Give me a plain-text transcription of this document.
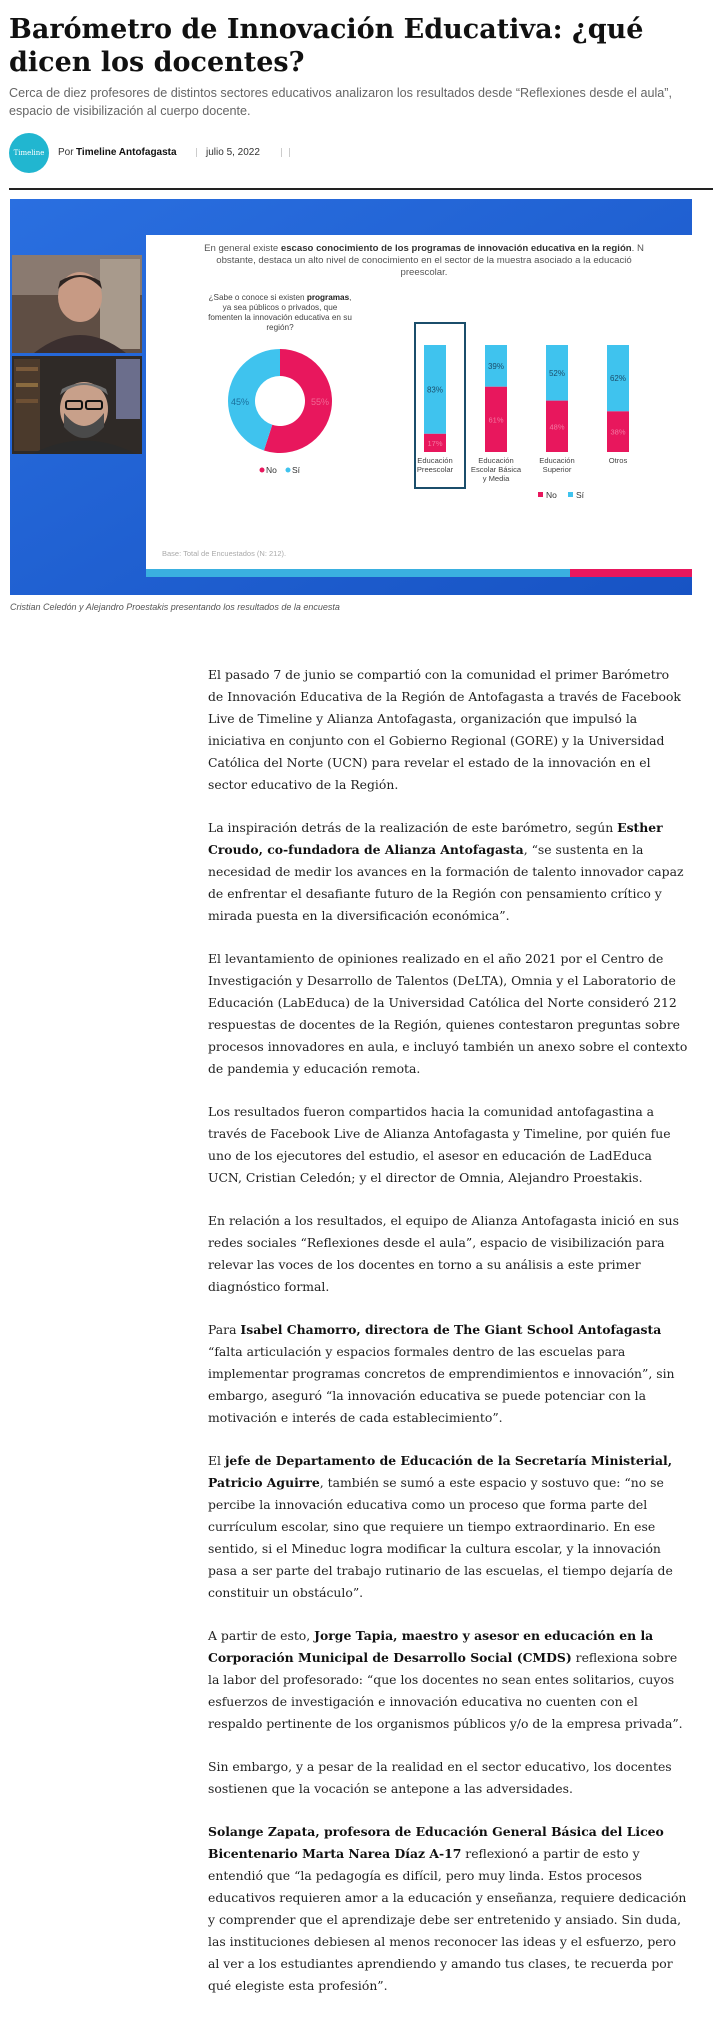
Barómetro de Innovación Educativa: ¿qué dicen los docentes?

Cerca de diez profesores de distintos sectores educativos analizaron los resultados desde “Reflexiones desde el aula”, espacio de visibilización al cuerpo docente.

Timeline	Por Timeline Antofagasta	julio 5, 2022
En general existe escaso conocimiento de los programas de innovación educativa en la región. N
obstante, destaca un alto nivel de conocimiento en el sector de la muestra asociado a la educació
preescolar.
¿Sabe o conoce si existen programas,
ya sea públicos o privados, que
fomenten la innovación educativa en su
región?
Base: Total de Encuestados (N: 212).
45%	55%
No Sí
83%
17%
39%
61%
52%
48%
62%
38%
Educación Preescolar
Educación Escolar Básica y Media
Educación Superior
Otros
No Sí

Cristian Celedón y Alejandro Proestakis presentando los resultados de la encuesta

El pasado 7 de junio se compartió con la comunidad el primer Barómetro de Innovación Educativa de la Región de Antofagasta a través de Facebook Live de Timeline y Alianza Antofagasta, organización que impulsó la iniciativa en conjunto con el Gobierno Regional (GORE) y la Universidad Católica del Norte (UCN) para revelar el estado de la innovación en el sector educativo de la Región.

La inspiración detrás de la realización de este barómetro, según Esther Croudo, co-fundadora de Alianza Antofagasta, “se sustenta en la necesidad de medir los avances en la formación de talento innovador capaz de enfrentar el desafiante futuro de la Región con pensamiento crítico y mirada puesta en la diversificación económica”.

El levantamiento de opiniones realizado en el año 2021 por el Centro de Investigación y Desarrollo de Talentos (DeLTA), Omnia y el Laboratorio de Educación (LabEduca) de la Universidad Católica del Norte consideró 212 respuestas de docentes de la Región, quienes contestaron preguntas sobre procesos innovadores en aula, e incluyó también un anexo sobre el contexto de pandemia y educación remota.

Los resultados fueron compartidos hacia la comunidad antofagastina a través de Facebook Live de Alianza Antofagasta y Timeline, por quién fue uno de los ejecutores del estudio, el asesor en educación de LadEduca UCN, Cristian Celedón; y el director de Omnia, Alejandro Proestakis.

En relación a los resultados, el equipo de Alianza Antofagasta inició en sus redes sociales “Reflexiones desde el aula”, espacio de visibilización para relevar las voces de los docentes en torno a su análisis a este primer diagnóstico formal.

Para Isabel Chamorro, directora de The Giant School Antofagasta “falta articulación y espacios formales dentro de las escuelas para implementar programas concretos de emprendimientos e innovación”, sin embargo, aseguró “la innovación educativa se puede potenciar con la motivación e interés de cada establecimiento”.

El jefe de Departamento de Educación de la Secretaría Ministerial, Patricio Aguirre, también se sumó a este espacio y sostuvo que: “no se percibe la innovación educativa como un proceso que forma parte del currículum escolar, sino que requiere un tiempo extraordinario. En ese sentido, si el Mineduc logra modificar la cultura escolar, y la innovación pasa a ser parte del trabajo rutinario de las escuelas, el tiempo dejaría de constituir un obstáculo”.

A partir de esto, Jorge Tapia, maestro y asesor en educación en la Corporación Municipal de Desarrollo Social (CMDS) reflexiona sobre la labor del profesorado: “que los docentes no sean entes solitarios, cuyos esfuerzos de investigación e innovación educativa no cuenten con el respaldo pertinente de los organismos públicos y/o de la empresa privada”.

Sin embargo, y a pesar de la realidad en el sector educativo, los docentes sostienen que la vocación se antepone a las adversidades.

Solange Zapata, profesora de Educación General Básica del Liceo Bicentenario Marta Narea Díaz A-17 reflexionó a partir de esto y entendió que “la pedagogía es difícil, pero muy linda. Estos procesos educativos requieren amor a la educación y enseñanza, requiere dedicación y comprender que el aprendizaje debe ser entretenido y ansiado. Sin duda, las instituciones debiesen al menos reconocer las ideas y el esfuerzo, pero al ver a los estudiantes aprendiendo y amando tus clases, te recuerda por qué elegiste esta profesión”.
